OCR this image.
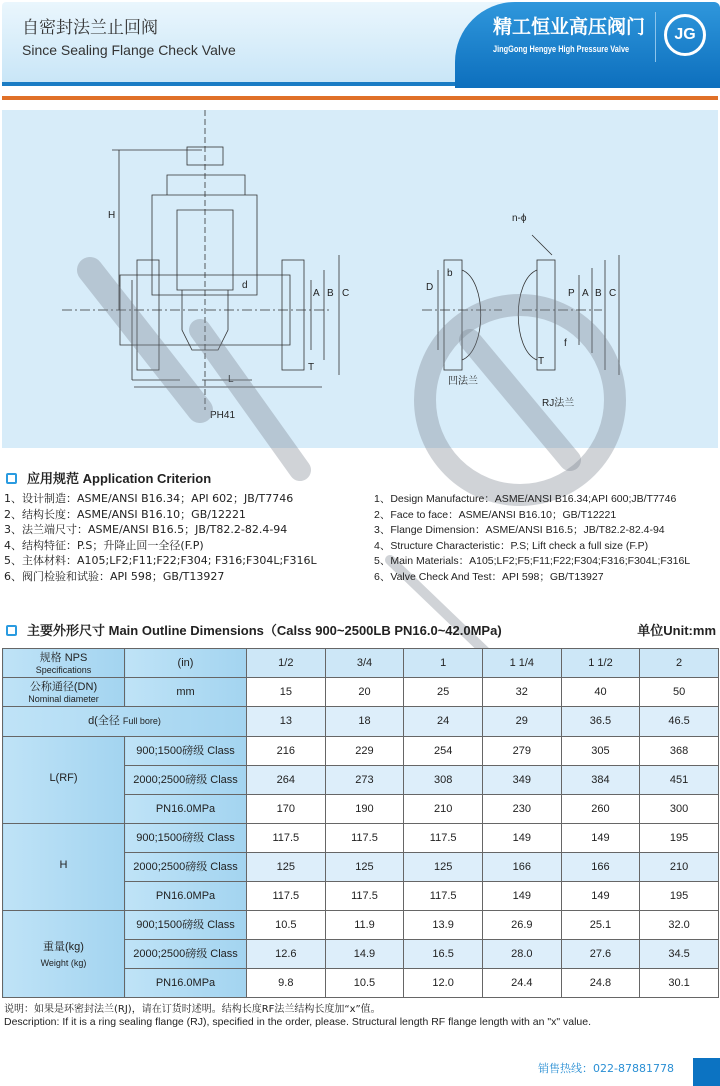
自密封法兰止回阀
Since Sealing Flange Check Valve
精工恒业高压阀门
JingGong Hengye High Pressure Valve
JG
H
L
T
A B C
d
PH41
D
b
凹法兰
n-ϕ
P A B C
f
T
RJ法兰
应用规范 Application Criterion
1、设计制造：ASME/ANSI B16.34；API 602；JB/T7746
2、结构长度：ASME/ANSI B16.10；GB/12221
3、法兰端尺寸：ASME/ANSI B16.5；JB/T82.2-82.4-94
4、结构特征：P.S；升降止回一全径(F.P)
5、主体材料：A105;LF2;F11;F22;F304; F316;F304L;F316L
6、阀门检验和试验：API 598；GB/T13927
1、Design Manufacture：ASME/ANSI B16.34;API 600;JB/T7746
2、Face to face：ASME/ANSI B16.10；GB/T12221
3、Flange Dimension：ASME/ANSI B16.5；JB/T82.2-82.4-94
4、Structure Characteristic：P.S; Lift check a full size (F.P)
5、Main Materials：A105;LF2;F5;F11;F22;F304;F316;F304L;F316L
6、Valve Check And Test：API 598；GB/T13927
主要外形尺寸 Main Outline Dimensions（Calss 900~2500LB PN16.0~42.0MPa)	单位Unit:mm
规格 NPS
Specifications	(in)	1/2	3/4	1	1 1/4	1 1/2	2
公称通径(DN)
Nominal diameter	mm	15	20	25	32	40	50
d(全径 Full bore)		13	18	24	29	36.5	46.5
L(RF)	900;1500磅级 Class	216	229	254	279	305	368
	2000;2500磅级 Class	264	273	308	349	384	451
	PN16.0MPa	170	190	210	230	260	300
H	900;1500磅级 Class	117.5	117.5	117.5	149	149	195
	2000;2500磅级 Class	125	125	125	166	166	210
	PN16.0MPa	117.5	117.5	117.5	149	149	195
重量(kg)
Weight (kg)	900;1500磅级 Class	10.5	11.9	13.9	26.9	25.1	32.0
	2000;2500磅级 Class	12.6	14.9	16.5	28.0	27.6	34.5
	PN16.0MPa	9.8	10.5	12.0	24.4	24.8	30.1
说明：如果是环密封法兰(RJ)，请在订货时述明。结构长度RF法兰结构长度加“x”值。
Description: If it is a ring sealing flange (RJ), specified in the order, please. Structural length RF flange length with an "x" value.
销售热线：022-87881778
